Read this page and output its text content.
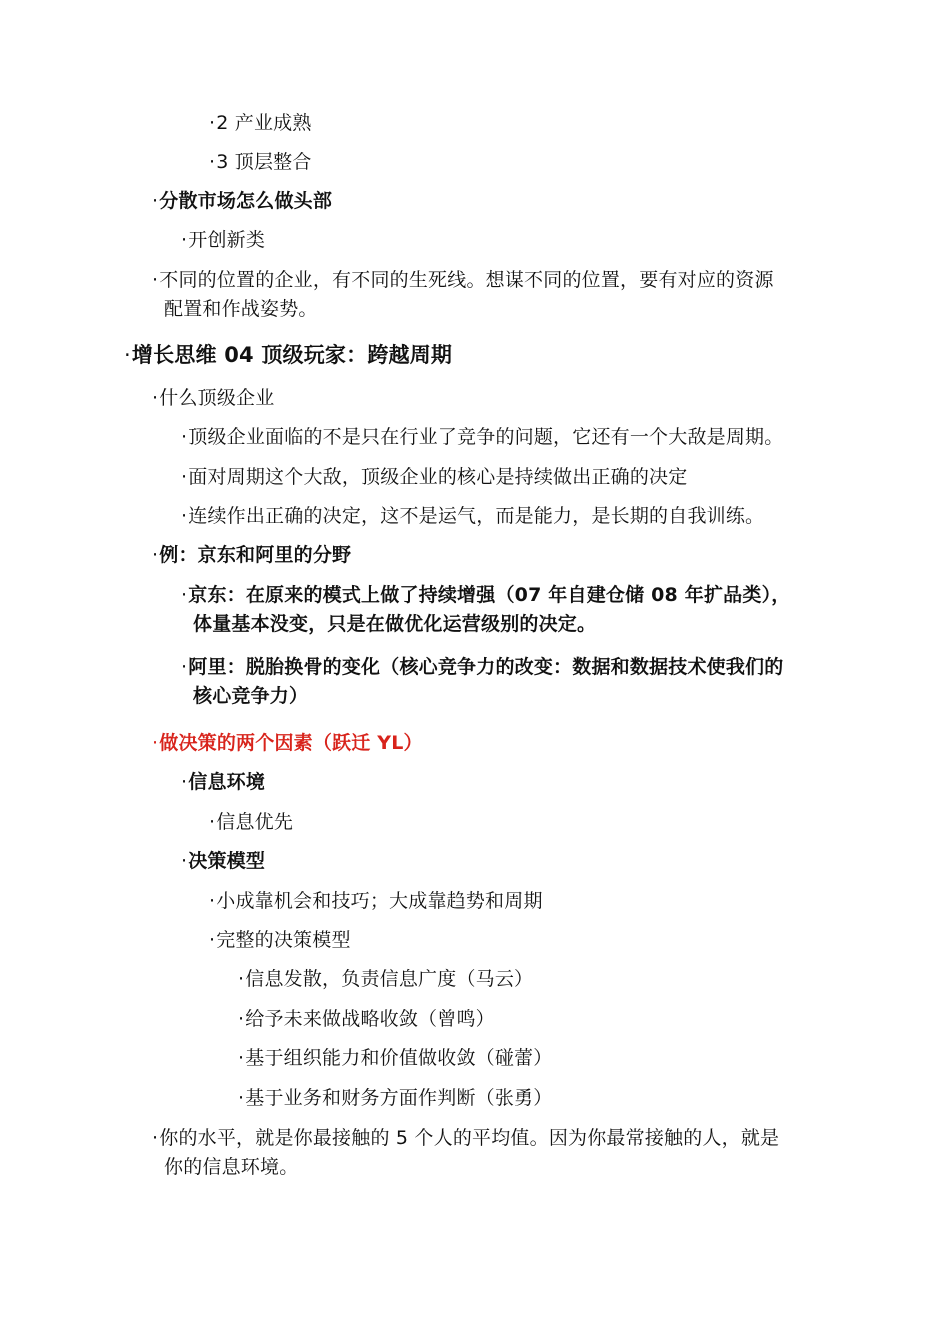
·2 产业成熟
·3 顶层整合
·分散市场怎么做头部
·开创新类
·不同的位置的企业，有不同的生死线。想谋不同的位置，要有对应的资源
配置和作战姿势。
·增长思维 04 顶级玩家：跨越周期
·什么顶级企业
·顶级企业面临的不是只在行业了竞争的问题，它还有一个大敌是周期。
·面对周期这个大敌，顶级企业的核心是持续做出正确的决定
·连续作出正确的决定，这不是运气，而是能力，是长期的自我训练。
·例：京东和阿里的分野
·京东：在原来的模式上做了持续增强（07 年自建仓储 08 年扩品类），
体量基本没变，只是在做优化运营级别的决定。
·阿里：脱胎换骨的变化（核心竞争力的改变：数据和数据技术使我们的
核心竞争力）
·做决策的两个因素（跃迁 YL）
·信息环境
·信息优先
·决策模型
·小成靠机会和技巧；大成靠趋势和周期
·完整的决策模型
·信息发散，负责信息广度（马云）
·给予未来做战略收敛（曾鸣）
·基于组织能力和价值做收敛（碰蕾）
·基于业务和财务方面作判断（张勇）
·你的水平，就是你最接触的 5 个人的平均值。因为你最常接触的人，就是
你的信息环境。
